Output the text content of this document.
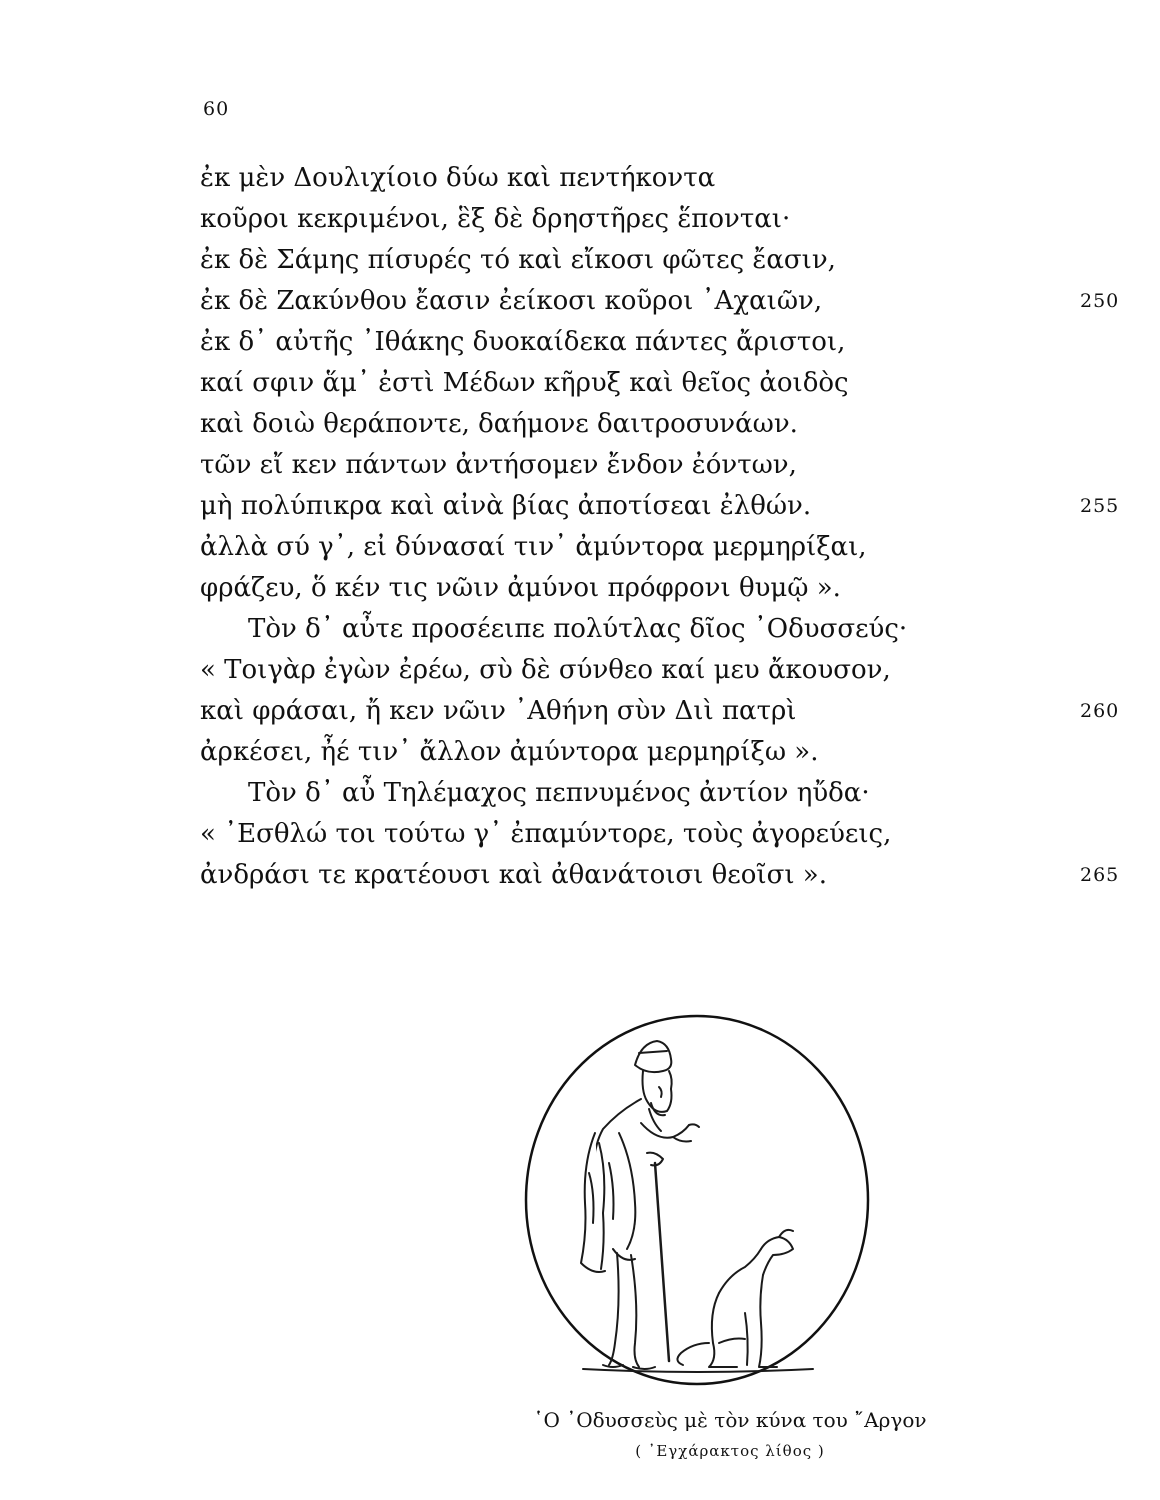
60
ἐκ μὲν Δουλιχίοιο δύω καὶ πεντήκοντα
κοῦροι κεκριμένοι, ἓξ δὲ δρηστῆρες ἕπονται·
ἐκ δὲ Σάμης πίσυρές τό καὶ εἴκοσι φῶτες ἔασιν,
ἐκ δὲ Ζακύνθου ἔασιν ἐείκοσι κοῦροι ᾿Αχαιῶν,	250
ἐκ δ᾿ αὐτῆς ᾿Ιθάκης δυοκαίδεκα πάντες ἄριστοι,
καί σφιν ἅμ᾿ ἐστὶ Μέδων κῆρυξ καὶ θεῖος ἀοιδὸς
καὶ δοιὼ θεράποντε, δαήμονε δαιτροσυνάων.
τῶν εἴ κεν πάντων ἀντήσομεν ἔνδον ἐόντων,
μὴ πολύπικρα καὶ αἰνὰ βίας ἀποτίσεαι ἐλθών.	255
ἀλλὰ σύ γ᾿, εἰ δύνασαί τιν᾿ ἀμύντορα μερμηρίξαι,
φράζευ, ὅ κέν τις νῶιν ἀμύνοι πρόφρονι θυμῷ ».
Τὸν δ᾿ αὖτε προσέειπε πολύτλας δῖος ᾿Οδυσσεύς·
« Τοιγὰρ ἐγὼν ἐρέω, σὺ δὲ σύνθεο καί μευ ἄκουσον,
καὶ φράσαι, ἤ κεν νῶιν ᾿Αθήνη σὺν Διὶ πατρὶ	260
ἀρκέσει, ἦέ τιν᾿ ἄλλον ἀμύντορα μερμηρίξω ».
Τὸν δ᾿ αὖ Τηλέμαχος πεπνυμένος ἀντίον ηὔδα·
« ᾿Εσθλώ τοι τούτω γ᾿ ἐπαμύντορε, τοὺς ἀγορεύεις,
ἀνδράσι τε κρατέουσι καὶ ἀθανάτοισι θεοῖσι ».	265
῾Ο ᾿Οδυσσεὺς μὲ τὸν κύνα του ῎Αργον
( ᾿Εγχάρακτος λίθος )
